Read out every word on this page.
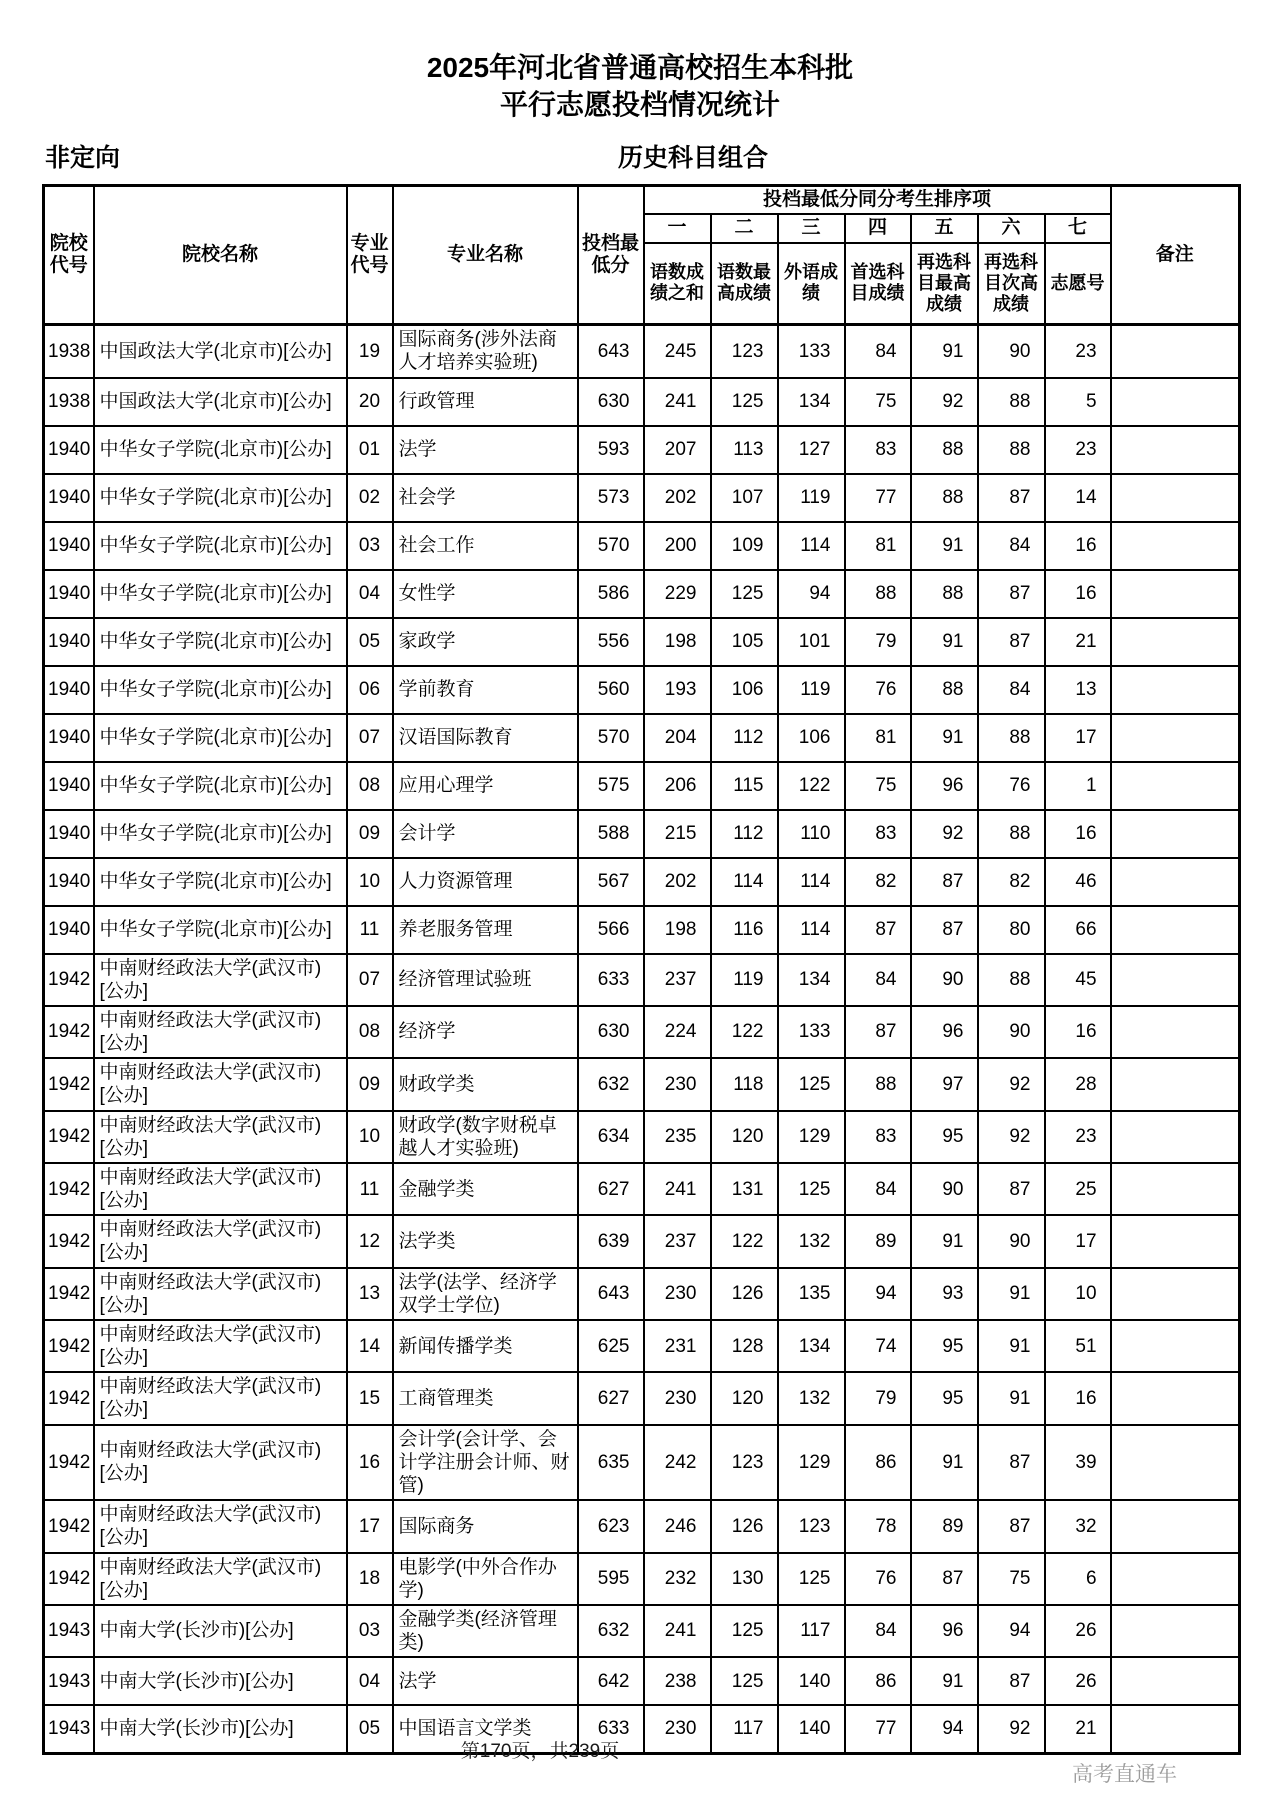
2025年河北省普通高校招生本科批
平行志愿投档情况统计
非定向	历史科目组合
院校代号	院校名称	专业代号	专业名称	投档最低分	投档最低分同分考生排序项							备注
					一	二	三	四	五	六	七	
					语数成绩之和	语数最高成绩	外语成绩	首选科目成绩	再选科目最高成绩	再选科目次高成绩	志愿号	
1938	中国政法大学(北京市)[公办]	19	国际商务(涉外法商人才培养实验班)	643	245	123	133	84	91	90	23	
1938	中国政法大学(北京市)[公办]	20	行政管理	630	241	125	134	75	92	88	5	
1940	中华女子学院(北京市)[公办]	01	法学	593	207	113	127	83	88	88	23	
1940	中华女子学院(北京市)[公办]	02	社会学	573	202	107	119	77	88	87	14	
1940	中华女子学院(北京市)[公办]	03	社会工作	570	200	109	114	81	91	84	16	
1940	中华女子学院(北京市)[公办]	04	女性学	586	229	125	94	88	88	87	16	
1940	中华女子学院(北京市)[公办]	05	家政学	556	198	105	101	79	91	87	21	
1940	中华女子学院(北京市)[公办]	06	学前教育	560	193	106	119	76	88	84	13	
1940	中华女子学院(北京市)[公办]	07	汉语国际教育	570	204	112	106	81	91	88	17	
1940	中华女子学院(北京市)[公办]	08	应用心理学	575	206	115	122	75	96	76	1	
1940	中华女子学院(北京市)[公办]	09	会计学	588	215	112	110	83	92	88	16	
1940	中华女子学院(北京市)[公办]	10	人力资源管理	567	202	114	114	82	87	82	46	
1940	中华女子学院(北京市)[公办]	11	养老服务管理	566	198	116	114	87	87	80	66	
1942	中南财经政法大学(武汉市)[公办]	07	经济管理试验班	633	237	119	134	84	90	88	45	
1942	中南财经政法大学(武汉市)[公办]	08	经济学	630	224	122	133	87	96	90	16	
1942	中南财经政法大学(武汉市)[公办]	09	财政学类	632	230	118	125	88	97	92	28	
1942	中南财经政法大学(武汉市)[公办]	10	财政学(数字财税卓越人才实验班)	634	235	120	129	83	95	92	23	
1942	中南财经政法大学(武汉市)[公办]	11	金融学类	627	241	131	125	84	90	87	25	
1942	中南财经政法大学(武汉市)[公办]	12	法学类	639	237	122	132	89	91	90	17	
1942	中南财经政法大学(武汉市)[公办]	13	法学(法学、经济学双学士学位)	643	230	126	135	94	93	91	10	
1942	中南财经政法大学(武汉市)[公办]	14	新闻传播学类	625	231	128	134	74	95	91	51	
1942	中南财经政法大学(武汉市)[公办]	15	工商管理类	627	230	120	132	79	95	91	16	
1942	中南财经政法大学(武汉市)[公办]	16	会计学(会计学、会计学注册会计师、财管)	635	242	123	129	86	91	87	39	
1942	中南财经政法大学(武汉市)[公办]	17	国际商务	623	246	126	123	78	89	87	32	
1942	中南财经政法大学(武汉市)[公办]	18	电影学(中外合作办学)	595	232	130	125	76	87	75	6	
1943	中南大学(长沙市)[公办]	03	金融学类(经济管理类)	632	241	125	117	84	96	94	26	
1943	中南大学(长沙市)[公办]	04	法学	642	238	125	140	86	91	87	26	
1943	中南大学(长沙市)[公办]	05	中国语言文学类	633	230	117	140	77	94	92	21	
第170页，共239页
高考直通车
